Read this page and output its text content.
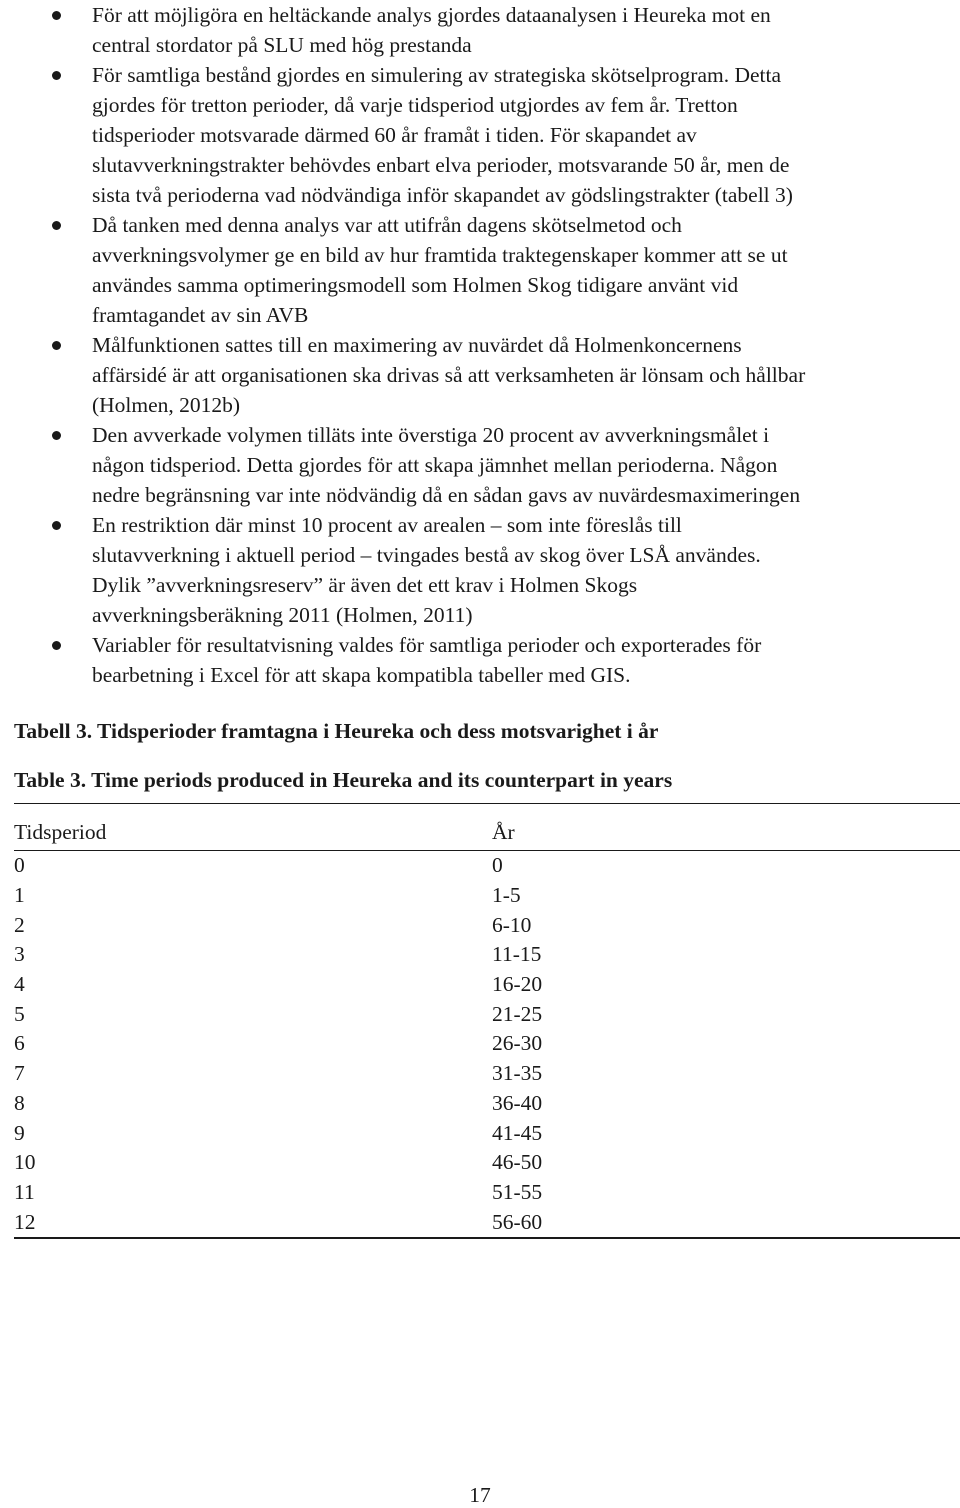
För att möjligöra en heltäckande analys gjordes dataanalysen i Heureka mot en
central stordator på SLU med hög prestanda
För samtliga bestånd gjordes en simulering av strategiska skötselprogram. Detta
gjordes för tretton perioder, då varje tidsperiod utgjordes av fem år. Tretton
tidsperioder motsvarade därmed 60 år framåt i tiden. För skapandet av
slutavverkningstrakter behövdes enbart elva perioder, motsvarande 50 år, men de
sista två perioderna vad nödvändiga inför skapandet av gödslingstrakter (tabell 3)
Då tanken med denna analys var att utifrån dagens skötselmetod och
avverkningsvolymer ge en bild av hur framtida traktegenskaper kommer att se ut
användes samma optimeringsmodell som Holmen Skog tidigare använt vid
framtagandet av sin AVB
Målfunktionen sattes till en maximering av nuvärdet då Holmenkoncernens
affärsidé är att organisationen ska drivas så att verksamheten är lönsam och hållbar
(Holmen, 2012b)
Den avverkade volymen tilläts inte överstiga 20 procent av avverkningsmålet i
någon tidsperiod. Detta gjordes för att skapa jämnhet mellan perioderna. Någon
nedre begränsning var inte nödvändig då en sådan gavs av nuvärdesmaximeringen
En restriktion där minst 10 procent av arealen – som inte föreslås till
slutavverkning i aktuell period – tvingades bestå av skog över LSÅ användes.
Dylik ”avverkningsreserv” är även det ett krav i Holmen Skogs
avverkningsberäkning 2011 (Holmen, 2011)
Variabler för resultatvisning valdes för samtliga perioder och exporterades för
bearbetning i Excel för att skapa kompatibla tabeller med GIS.
Tabell 3. Tidsperioder framtagna i Heureka och dess motsvarighet i år
Table 3. Time periods produced in Heureka and its counterpart in years
Tidsperiod	År
0	0
1	1-5
2	6-10
3	11-15
4	16-20
5	21-25
6	26-30
7	31-35
8	36-40
9	41-45
10	46-50
11	51-55
12	56-60
17
